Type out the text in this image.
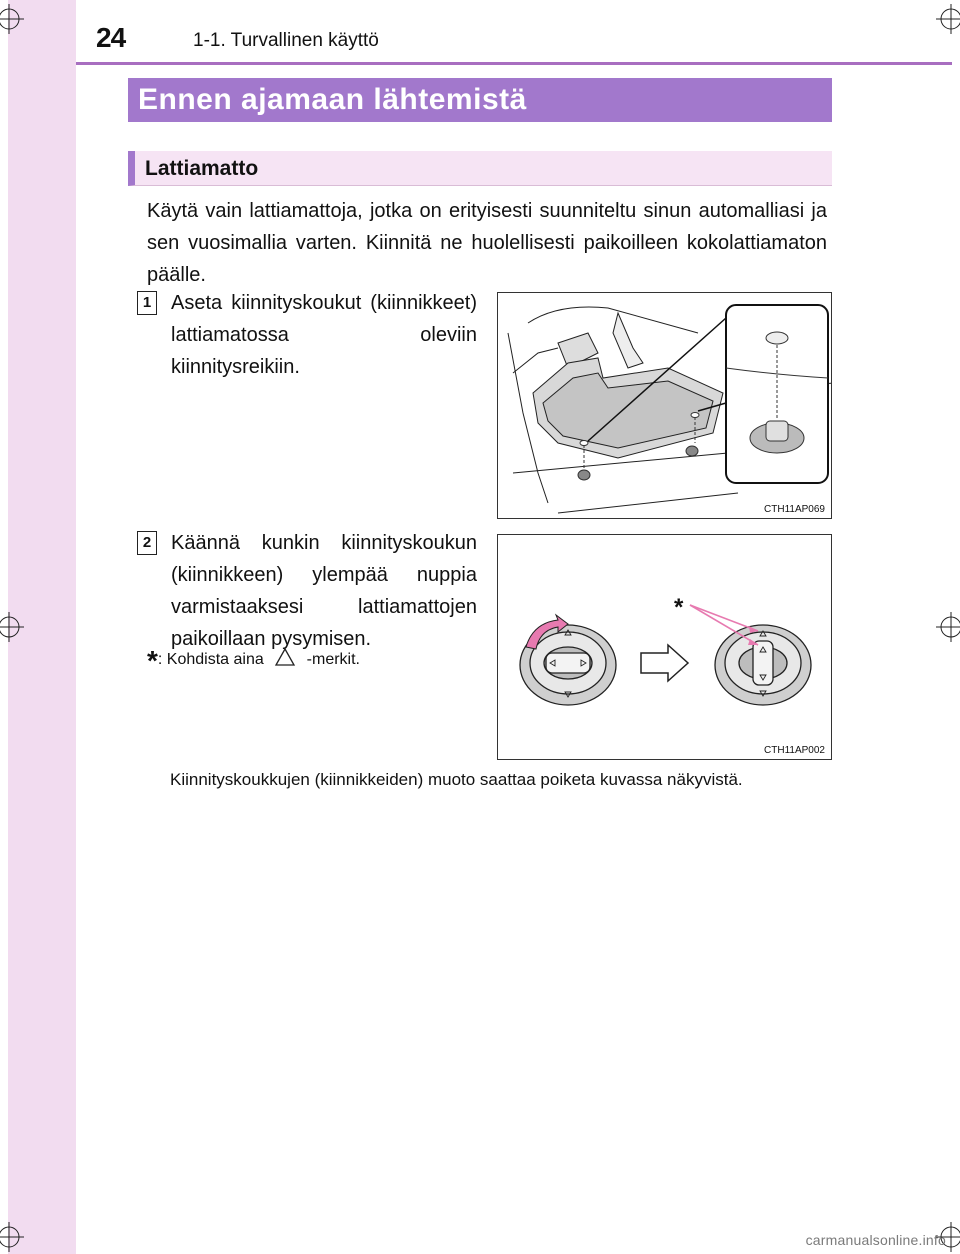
24	1-1. Turvallinen käyttö
Ennen ajamaan lähtemistä
Lattiamatto

Käytä vain lattiamattoja, jotka on erityisesti suunniteltu sinun automalliasi ja sen vuosimallia varten. Kiinnitä ne huolellisesti paikoilleen kokolattiamaton päälle.

1 Aseta kiinnityskoukut (kiinnikkeet) lattiamatossa oleviin kiinnitysreikiin.

CTH11AP069
2 Käännä kunkin kiinnityskoukun (kiinnikkeen) ylempää nuppia varmistaaksesi lattiamattojen paikoillaan pysymisen.

*: Kohdista aina	-merkit.
*
CTH11AP002
Kiinnityskoukkujen (kiinnikkeiden) muoto saattaa poiketa kuvassa näkyvistä.
carmanualsonline.info
